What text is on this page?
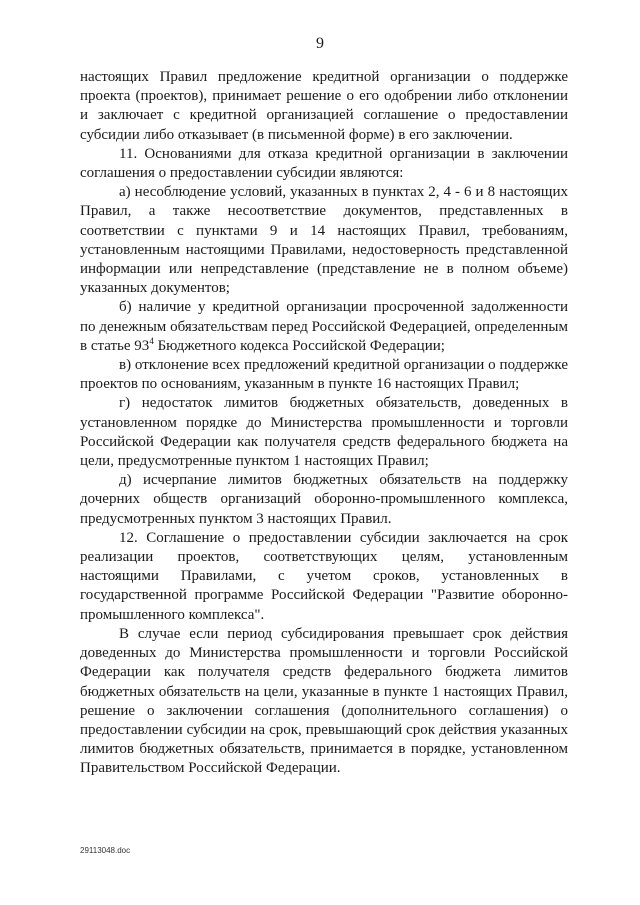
9

настоящих Правил предложение кредитной организации о поддержке проекта (проектов), принимает решение о его одобрении либо отклонении и заключает с кредитной организацией соглашение о предоставлении субсидии либо отказывает (в письменной форме) в его заключении.

11. Основаниями для отказа кредитной организации в заключении соглашения о предоставлении субсидии являются:

а) несоблюдение условий, указанных в пунктах 2, 4 - 6 и 8 настоящих Правил, а также несоответствие документов, представленных в соответствии с пунктами 9 и 14 настоящих Правил, требованиям, установленным настоящими Правилами, недостоверность представленной информации или непредставление (представление не в полном объеме) указанных документов;

б) наличие у кредитной организации просроченной задолженности по денежным обязательствам перед Российской Федерацией, определенным в статье $93^4$ Бюджетного кодекса Российской Федерации;

в) отклонение всех предложений кредитной организации о поддержке проектов по основаниям, указанным в пункте 16 настоящих Правил;

г) недостаток лимитов бюджетных обязательств, доведенных в установленном порядке до Министерства промышленности и торговли Российской Федерации как получателя средств федерального бюджета на цели, предусмотренные пунктом 1 настоящих Правил;

д) исчерпание лимитов бюджетных обязательств на поддержку дочерних обществ организаций оборонно-промышленного комплекса, предусмотренных пунктом 3 настоящих Правил.

12. Соглашение о предоставлении субсидии заключается на срок реализации проектов, соответствующих целям, установленным настоящими Правилами, с учетом сроков, установленных в государственной программе Российской Федерации "Развитие оборонно-промышленного комплекса".

В случае если период субсидирования превышает срок действия доведенных до Министерства промышленности и торговли Российской Федерации как получателя средств федерального бюджета лимитов бюджетных обязательств на цели, указанные в пункте 1 настоящих Правил, решение о заключении соглашения (дополнительного соглашения) о предоставлении субсидии на срок, превышающий срок действия указанных лимитов бюджетных обязательств, принимается в порядке, установленном Правительством Российской Федерации.

29113048.doc
